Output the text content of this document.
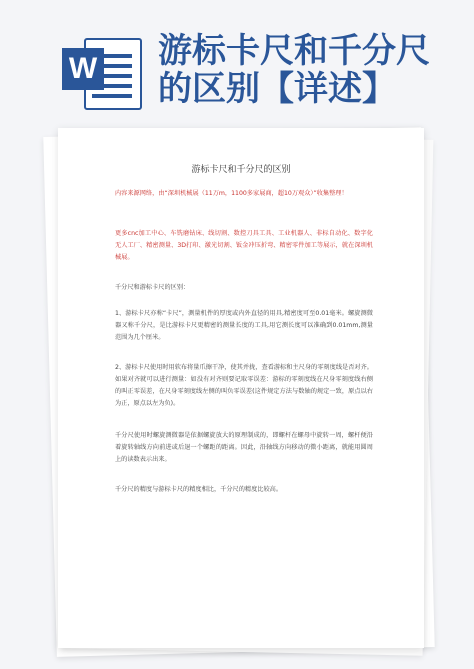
W 游标卡尺和千分尺
的区别【详述】
游标卡尺和千分尺的区别

内容来源网络，由“深圳机械展（11万m，1100多家展商，超10万观众）”收集整理！

更多cnc加工中心、车铣磨钻床、线切割、数控刀具工具、工业机器人、非标自动化、数字化无人工厂、精密测量、3D打印、激光切割、钣金冲压折弯、精密零件加工等展示，就在深圳机械展。

千分尺和游标卡尺的区别：

1、游标卡尺亦称“卡尺”，测量机件的厚度或内外直径的用具,精密度可至0.01毫米。螺旋测微器又称千分尺，是比游标卡尺更精密的测量长度的工具,用它测长度可以准确到0.01mm,测量范围为几个厘米。

2、游标卡尺使用时用软布将量爪擦干净，使其并拢，查看游标和主尺身的零刻度线是否对齐。如果对齐就可以进行测量：如没有对齐则要记取零误差：游标的零刻度线在尺身零刻度线右侧的叫正零误差，在尺身零刻度线左侧的叫负零误差(这件规定方法与数轴的规定一致，原点以右为正，原点以左为负)。

千分尺使用时螺旋测微器是依据螺旋放大的原理制成的，即螺杆在螺母中旋转一周，螺杆便沿着旋转轴线方向前进或后退一个螺距的距离。因此，沿轴线方向移动的微小距离，就能用圆周上的读数表示出来。

千分尺的精度与游标卡尺的精度相比，千分尺的精度比较高。
